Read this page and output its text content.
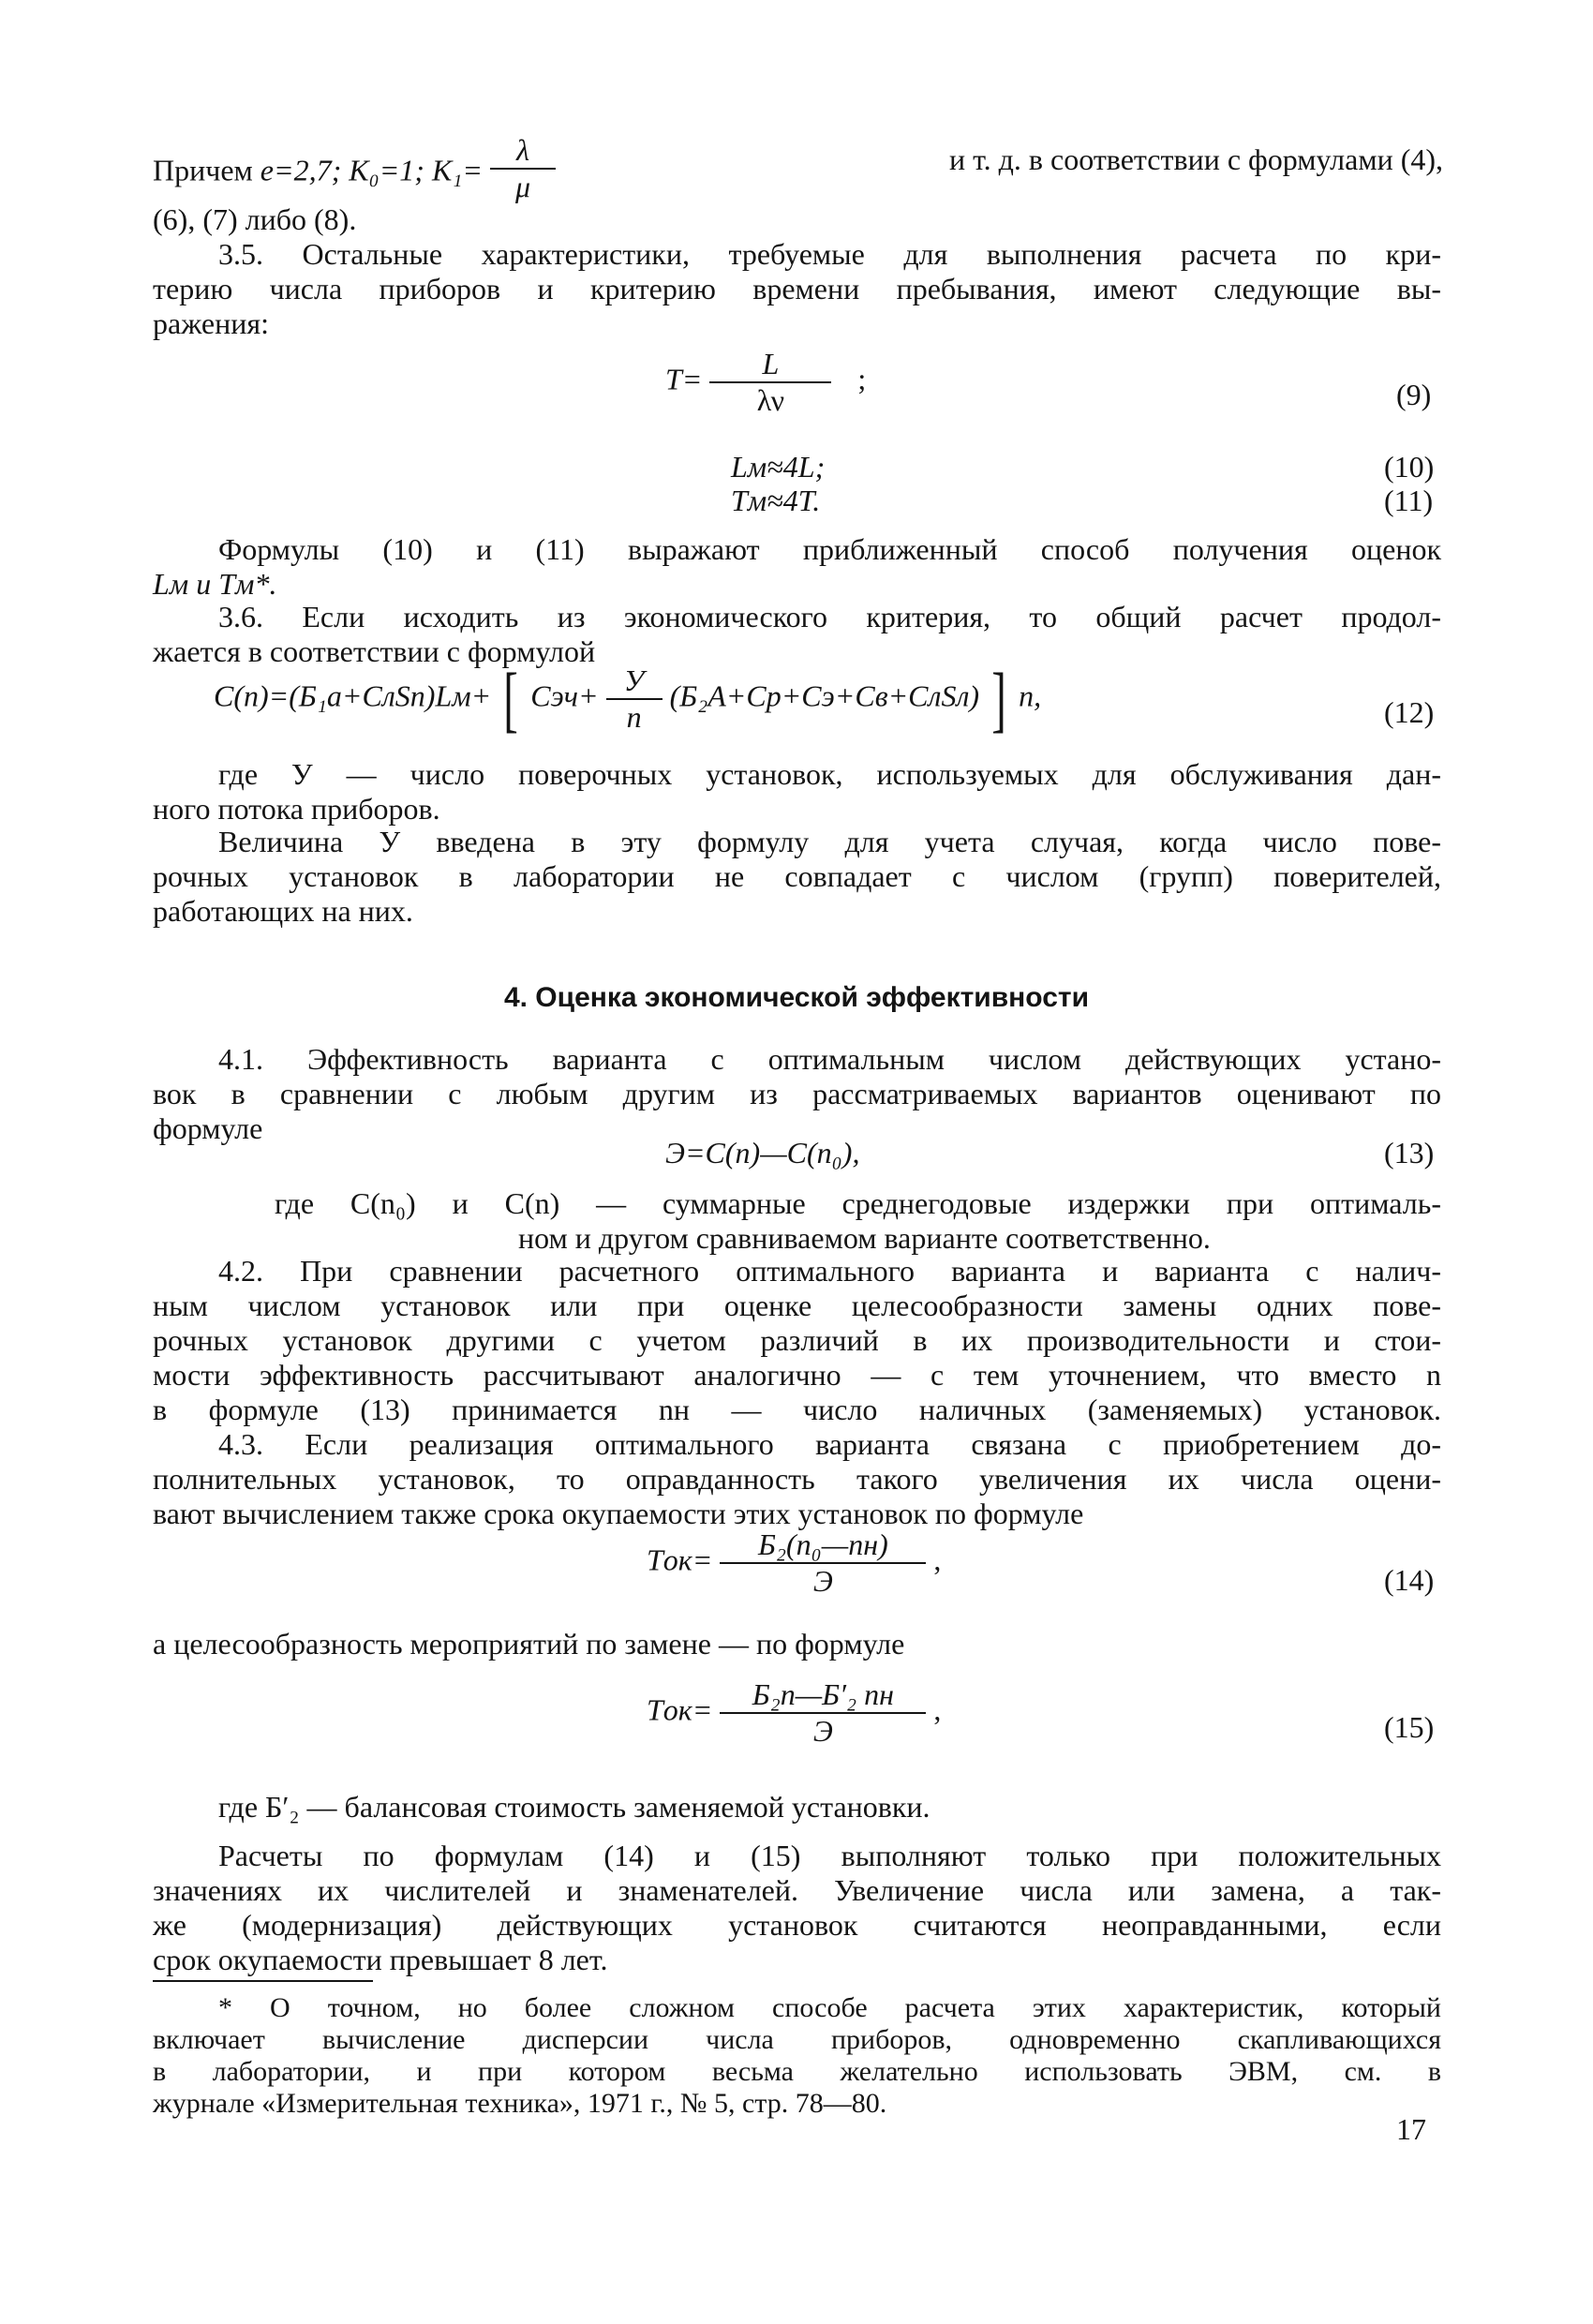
Причем e=2,7; K₀=1; $K_1= \frac{\lambda}{\mu}$	и т. д. в соответствии с формулами (4),
(6), (7) либо (8).
3.5. Остальные характеристики, требуемые для выполнения расчета по кри-
терию числа приборов и критерию времени пребывания, имеют следующие вы-
ражения:
$T= \frac{L}{\lambda\nu}$ ;	(9)
Lм≈4L;	(10)
Tм≈4T.	(11)
Формулы (10) и (11) выражают приближенный способ получения оценок
Lм и Tм*.
3.6. Если исходить из экономического критерия, то общий расчет продол-
жается в соответствии с формулой
C(n)=(Б₁a+CлSп)Lм+ [ $Cэч+ \frac{У}{n}$ (Б₂A+Cр+Cэ+Cв+CлSл) ] n,	(12)
где У — число поверочных установок, используемых для обслуживания дан-
ного потока приборов.
Величина У введена в эту формулу для учета случая, когда число пове-
рочных установок в лаборатории не совпадает с числом (групп) поверителей,
работающих на них.
4. Оценка экономической эффективности
4.1. Эффективность варианта с оптимальным числом действующих устано-
вок в сравнении с любым другим из рассматриваемых вариантов оценивают по
формуле
Э=C(n)—C(n₀),	(13)
где C(n₀) и C(n) — суммарные среднегодовые издержки при оптималь-
ном и другом сравниваемом варианте соответственно.
4.2. При сравнении расчетного оптимального варианта и варианта с налич-
ным числом установок или при оценке целесообразности замены одних пове-
рочных установок другими с учетом различий в их производительности и стои-
мости эффективность рассчитывают аналогично — с тем уточнением, что вместо n
в формуле (13) принимается nн — число наличных (заменяемых) установок.
4.3. Если реализация оптимального варианта связана с приобретением до-
полнительных установок, то оправданность такого увеличения их числа оцени-
вают вычислением также срока окупаемости этих установок по формуле
$Tок= \frac{\text{Б₂(n₀—nн)}}{Э}$ ,
(14)
а целесообразность мероприятий по замене — по формуле
$Tок= \frac{\text{Б₂n—Б′₂ nн}}{Э}$ ,
(15)
где Б′₂ — балансовая стоимость заменяемой установки.
Расчеты по формулам (14) и (15) выполняют только при положительных
значениях их числителей и знаменателей. Увеличение числа или замена, а так-
же (модернизация) действующих установок считаются неоправданными, если
срок окупаемости превышает 8 лет.
* О точном, но более сложном способе расчета этих характеристик, который
включает вычисление дисперсии числа приборов, одновременно скапливающихся
в лаборатории, и при котором весьма желательно использовать ЭВМ, см. в
журнале «Измерительная техника», 1971 г., № 5, стр. 78—80.
17
